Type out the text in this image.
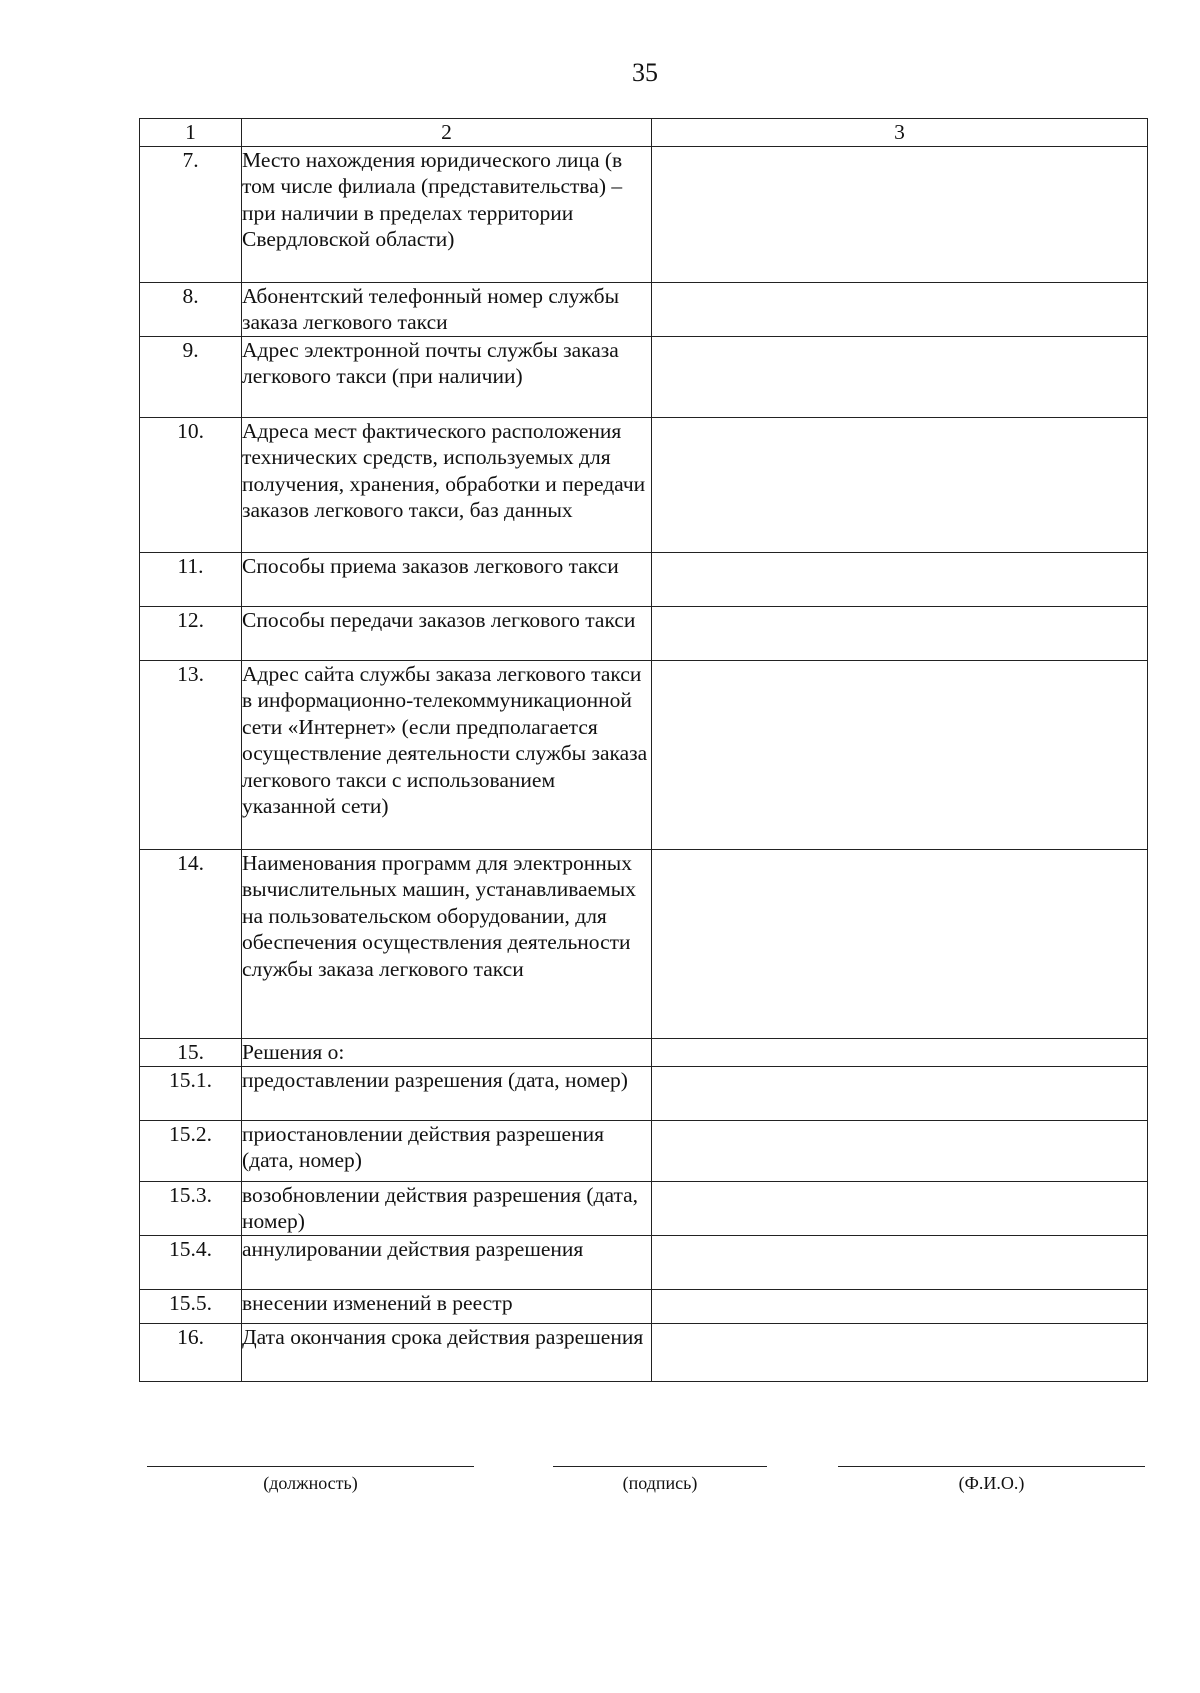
35
1	2	3
7.	Место нахождения юридического лица (в том числе филиала (представительства) – при наличии в пределах территории Свердловской области)	
8.	Абонентский телефонный номер службы заказа легкового такси	
9.	Адрес электронной почты службы заказа легкового такси (при наличии)	
10.	Адреса мест фактического расположения технических средств, используемых для получения, хранения, обработки и передачи заказов легкового такси, баз данных	
11.	Способы приема заказов легкового такси	
12.	Способы передачи заказов легкового такси	
13.	Адрес сайта службы заказа легкового такси в информационно-телекоммуникационной сети «Интернет» (если предполагается осуществление деятельности службы заказа легкового такси с использованием указанной сети)	
14.	Наименования программ для электронных вычислительных машин, устанавливаемых на пользовательском оборудовании, для обеспечения осуществления деятельности службы заказа легкового такси	
15.	Решения о:	
15.1.	предоставлении разрешения (дата, номер)	
15.2.	приостановлении действия разрешения (дата, номер)	
15.3.	возобновлении действия разрешения (дата, номер)	
15.4.	аннулировании действия разрешения	
15.5.	внесении изменений в реестр	
16.	Дата окончания срока действия разрешения	
(должность)	(подпись)	(Ф.И.О.)
